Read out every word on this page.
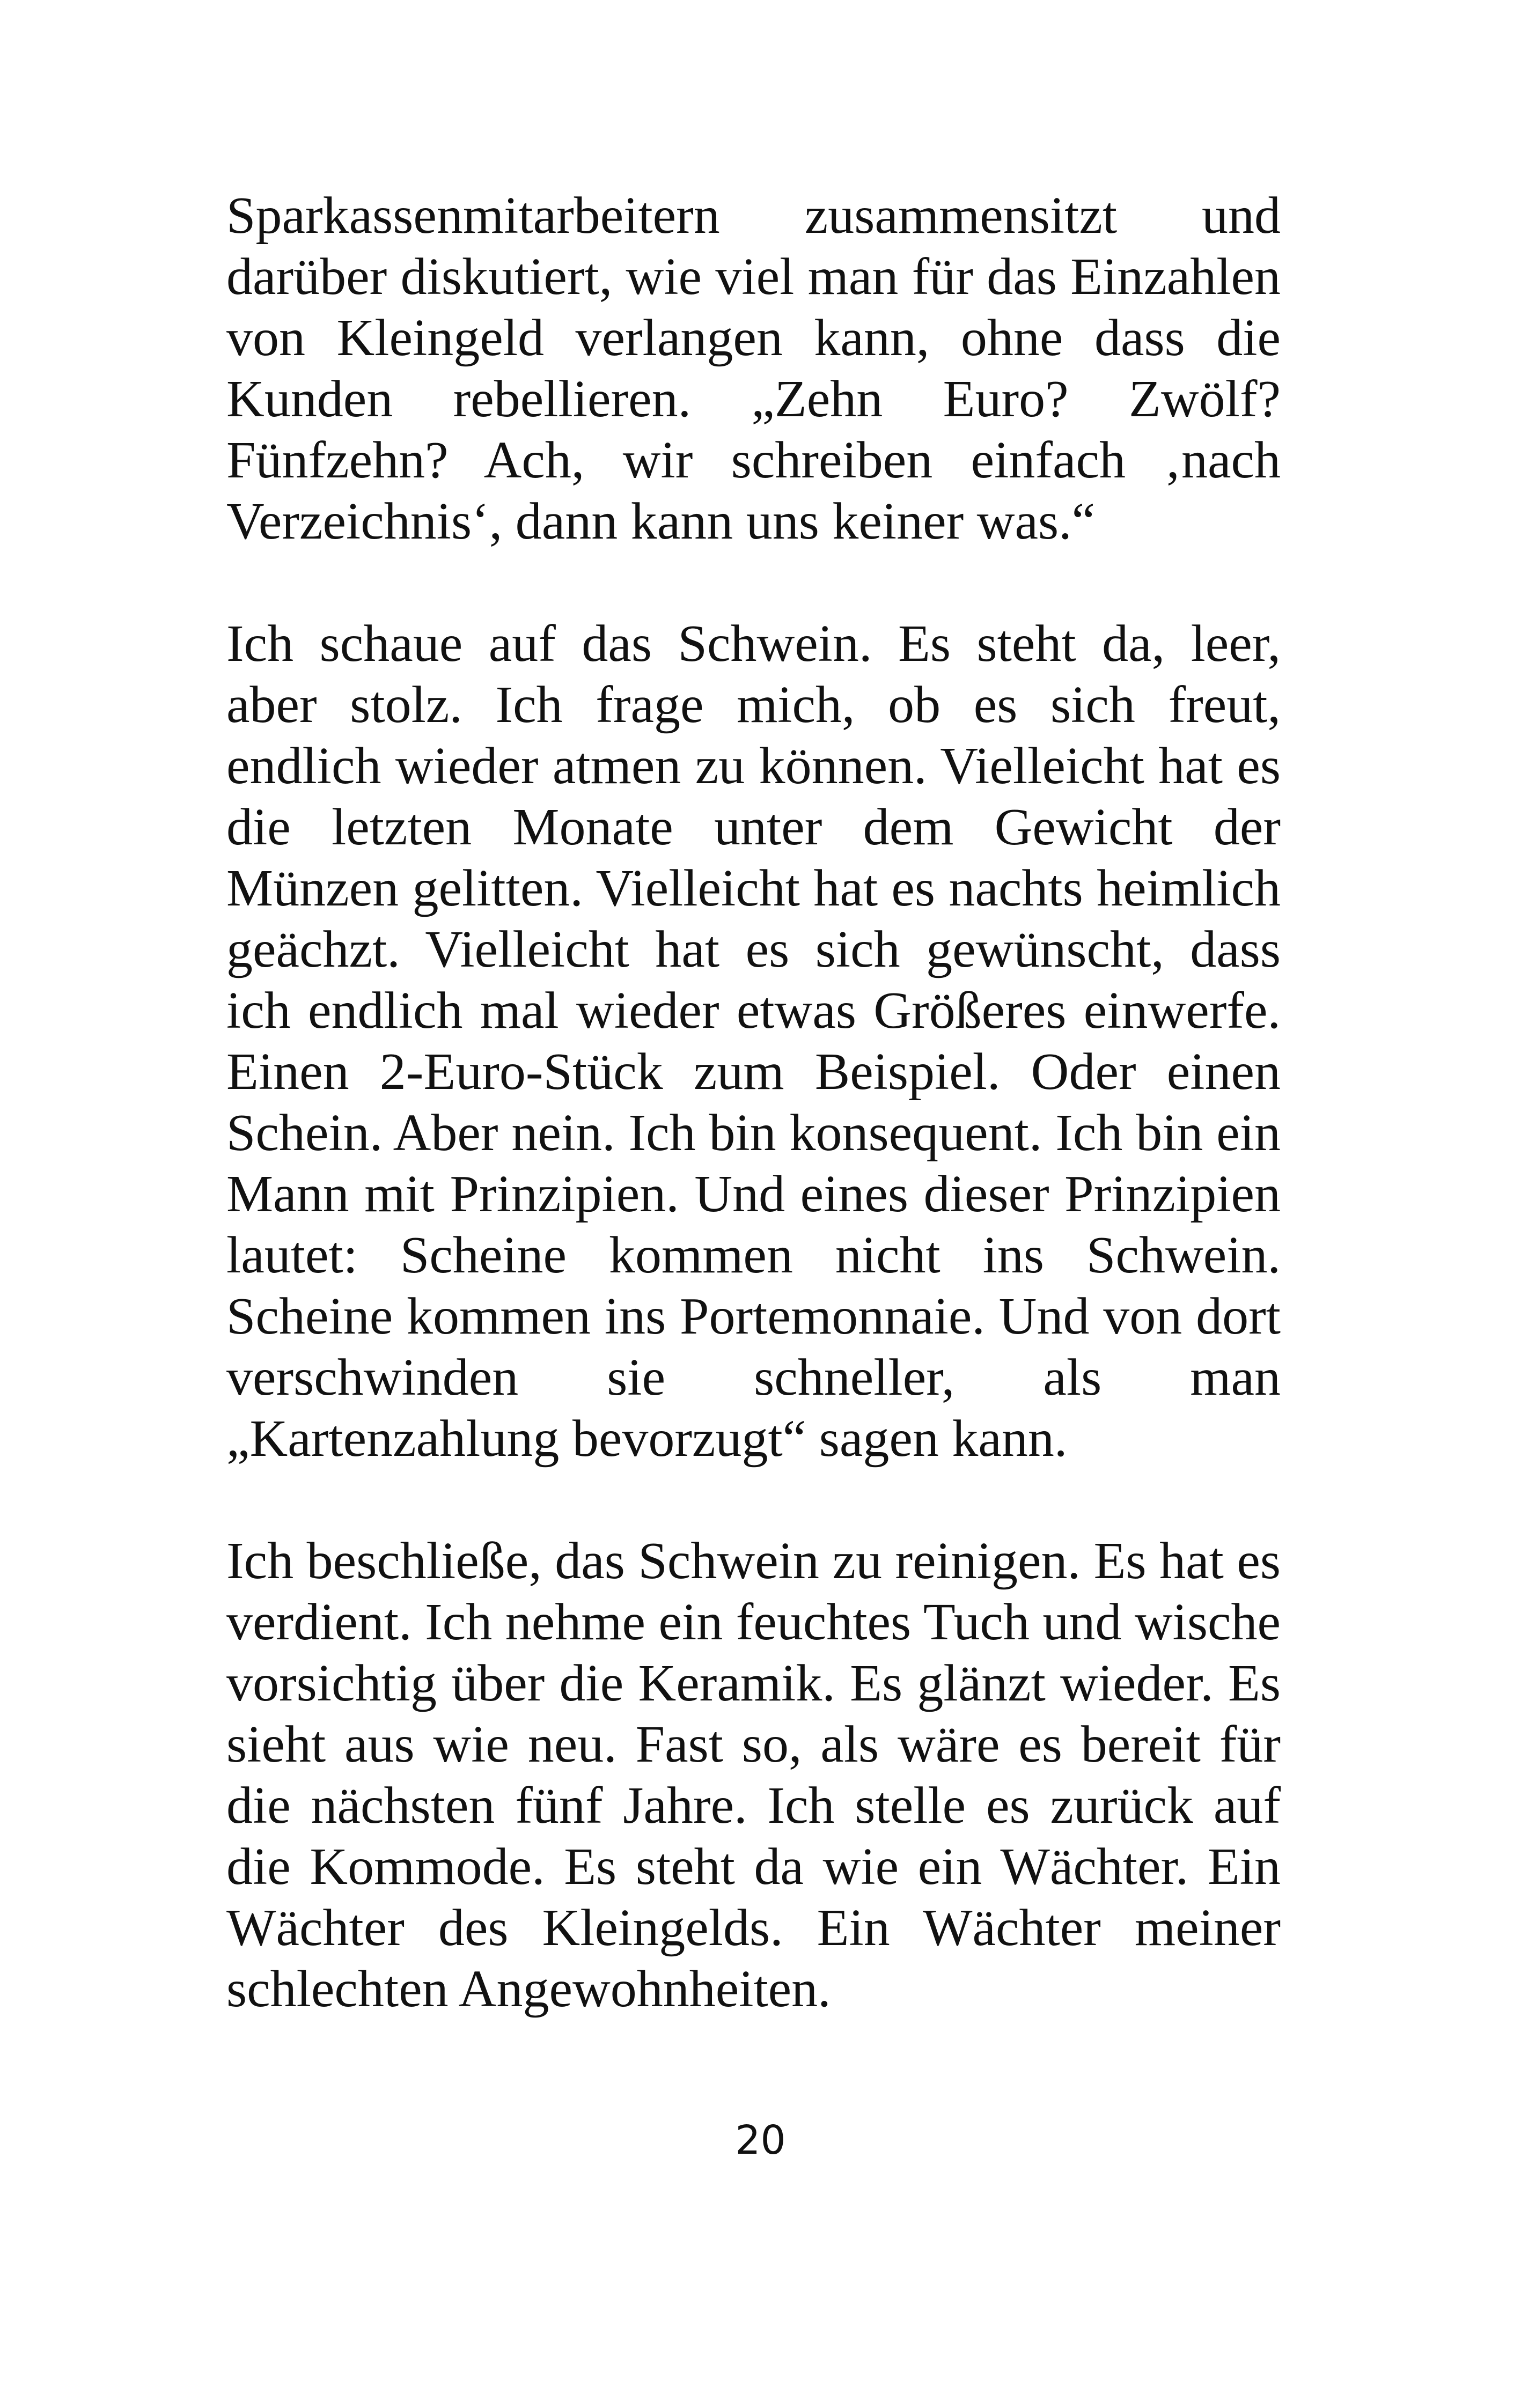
Sparkassenmitarbeitern zusammensitzt und darüber diskutiert, wie viel man für das Einzahlen von Kleingeld verlangen kann, ohne dass die Kunden rebellieren. „Zehn Euro? Zwölf? Fünfzehn? Ach, wir schreiben einfach ‚nach Verzeichnis‘, dann kann uns keiner was.“

Ich schaue auf das Schwein. Es steht da, leer, aber stolz. Ich frage mich, ob es sich freut, endlich wieder atmen zu können. Vielleicht hat es die letzten Monate unter dem Gewicht der Münzen gelitten. Vielleicht hat es nachts heimlich geächzt. Vielleicht hat es sich gewünscht, dass ich endlich mal wieder etwas Größeres einwerfe. Einen 2-Euro-Stück zum Beispiel. Oder einen Schein. Aber nein. Ich bin konsequent. Ich bin ein Mann mit Prinzipien. Und eines dieser Prinzipien lautet: Scheine kommen nicht ins Schwein. Scheine kommen ins Portemonnaie. Und von dort verschwinden sie schneller, als man „Kartenzahlung bevorzugt“ sagen kann.

Ich beschließe, das Schwein zu reinigen. Es hat es verdient. Ich nehme ein feuchtes Tuch und wische vorsichtig über die Keramik. Es glänzt wieder. Es sieht aus wie neu. Fast so, als wäre es bereit für die nächsten fünf Jahre. Ich stelle es zurück auf die Kommode. Es steht da wie ein Wächter. Ein Wächter des Kleingelds. Ein Wächter meiner schlechten Angewohnheiten.

20
